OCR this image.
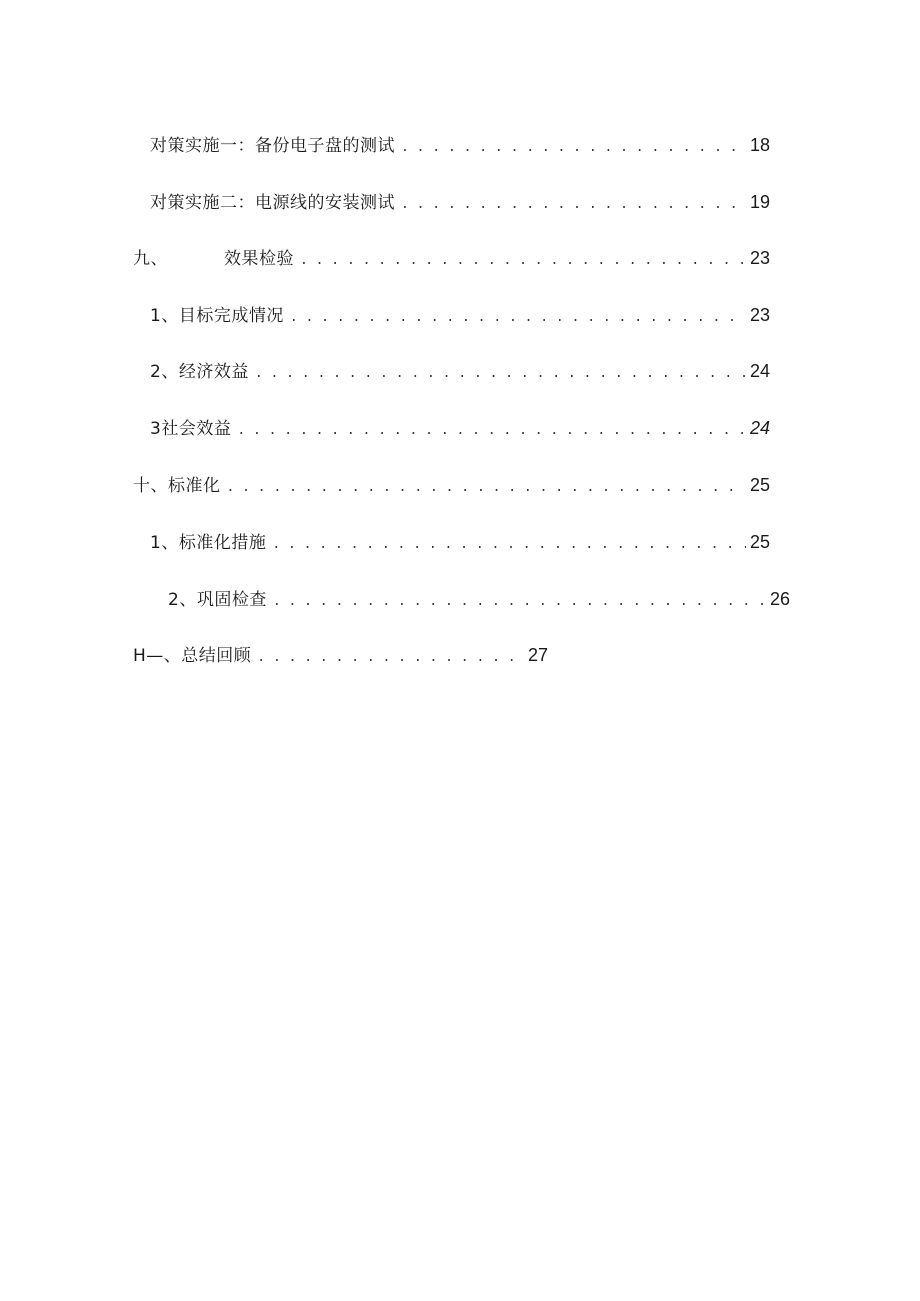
对策实施一：备份电子盘的测试 . . .	18
对策实施二：电源线的安装测试 . . .	19
九、	效果检验 . . .	23
1、目标完成情况 . . .	23
2、经济效益 . . .	24
3社会效益 . . .	24
十、标准化 . . .	25
1、标准化措施 . . .	25
2、巩固检查 . . .	26
H—、总结回顾 . . .	27
